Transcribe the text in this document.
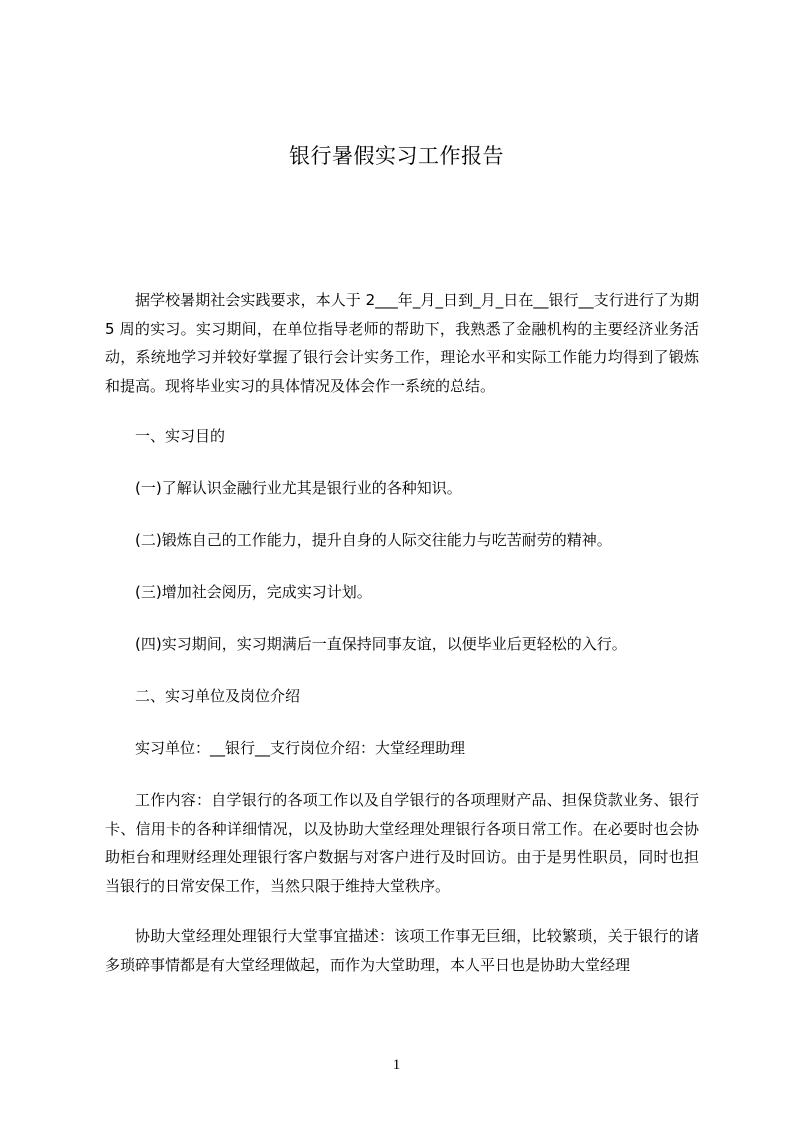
银行暑假实习工作报告

据学校暑期社会实践要求，本人于 2___年_月_日到_月_日在__银行__支行进行了为期 5 周的实习。实习期间，在单位指导老师的帮助下，我熟悉了金融机构的主要经济业务活动，系统地学习并较好掌握了银行会计实务工作，理论水平和实际工作能力均得到了锻炼和提高。现将毕业实习的具体情况及体会作一系统的总结。

一、实习目的

(一)了解认识金融行业尤其是银行业的各种知识。

(二)锻炼自己的工作能力，提升自身的人际交往能力与吃苦耐劳的精神。

(三)增加社会阅历，完成实习计划。

(四)实习期间，实习期满后一直保持同事友谊，以便毕业后更轻松的入行。

二、实习单位及岗位介绍

实习单位：__银行__支行岗位介绍：大堂经理助理

工作内容：自学银行的各项工作以及自学银行的各项理财产品、担保贷款业务、银行卡、信用卡的各种详细情况，以及协助大堂经理处理银行各项日常工作。在必要时也会协助柜台和理财经理处理银行客户数据与对客户进行及时回访。由于是男性职员，同时也担当银行的日常安保工作，当然只限于维持大堂秩序。

协助大堂经理处理银行大堂事宜描述：该项工作事无巨细，比较繁琐，关于银行的诸多琐碎事情都是有大堂经理做起，而作为大堂助理，本人平日也是协助大堂经理

1
